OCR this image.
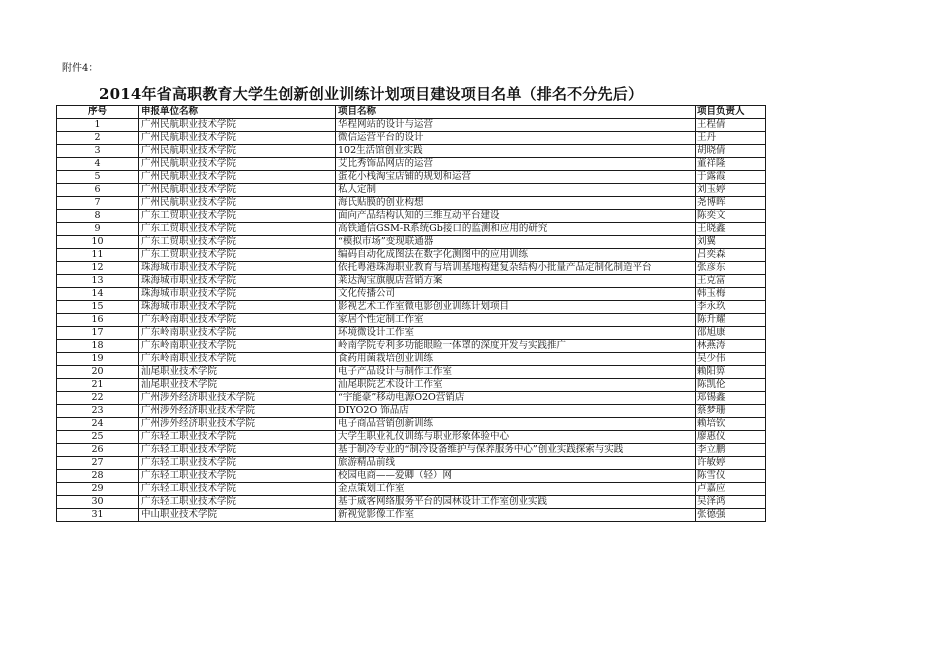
附件4：
2014年省高职教育大学生创新创业训练计划项目建设项目名单（排名不分先后）
序号	申报单位名称	项目名称	项目负责人
1	广州民航职业技术学院	华程网站的设计与运营	王程倩
2	广州民航职业技术学院	微信运营平台的设计	王丹
3	广州民航职业技术学院	102生活馆创业实践	胡晓倩
4	广州民航职业技术学院	艾比秀饰品网店的运营	董祥隆
5	广州民航职业技术学院	蛋花小栈淘宝店铺的规划和运营	于露霞
6	广州民航职业技术学院	私人定制	刘玉婷
7	广州民航职业技术学院	海氏贴膜的创业构想	尧博晖
8	广东工贸职业技术学院	面向产品结构认知的三维互动平台建设	陈奕文
9	广东工贸职业技术学院	高铁通信GSM-R系统Gb接口的监测和应用的研究	王晓鑫
10	广东工贸职业技术学院	“模拟市场”变现联通器	刘翼
11	广东工贸职业技术学院	编码自动化成图法在数字化测图中的应用训练	吕奕森
12	珠海城市职业技术学院	依托粤港珠海职业教育与培训基地构建复杂结构小批量产品定制化制造平台	张彦东
13	珠海城市职业技术学院	莱达淘宝旗舰店营销方案	王克富
14	珠海城市职业技术学院	文化传播公司	韩玉梅
15	珠海城市职业技术学院	影视艺术工作室微电影创业训练计划项目	李永玖
16	广东岭南职业技术学院	家居个性定制工作室	陈升耀
17	广东岭南职业技术学院	环境微设计工作室	邵旭康
18	广东岭南职业技术学院	岭南学院专利多功能眼睑一体罩的深度开发与实践推广	林燕涛
19	广东岭南职业技术学院	食药用菌栽培创业训练	吴少伟
20	汕尾职业技术学院	电子产品设计与制作工作室	赖阳箅
21	汕尾职业技术学院	汕尾职院艺术设计工作室	陈凯伦
22	广州涉外经济职业技术学院	“宇能豪”移动电源O2O营销店	郑锡鑫
23	广州涉外经济职业技术学院	DIYO2O 饰品店	蔡梦珊
24	广州涉外经济职业技术学院	电子商品营销创新训练	赖培钦
25	广东轻工职业技术学院	大学生职业礼仪训练与职业形象体验中心	廖惠仪
26	广东轻工职业技术学院	基于制冷专业的“制冷设备维护与保养服务中心”创业实践探索与实践	李立鹏
27	广东轻工职业技术学院	旅游精品前线	许敏婷
28	广东轻工职业技术学院	校园电商——爱卿（轻）网	陈雪仪
29	广东轻工职业技术学院	金点策划工作室	卢嘉应
30	广东轻工职业技术学院	基于威客网络服务平台的园林设计工作室创业实践	吴泽鸿
31	中山职业技术学院	新视觉影像工作室	张德强
